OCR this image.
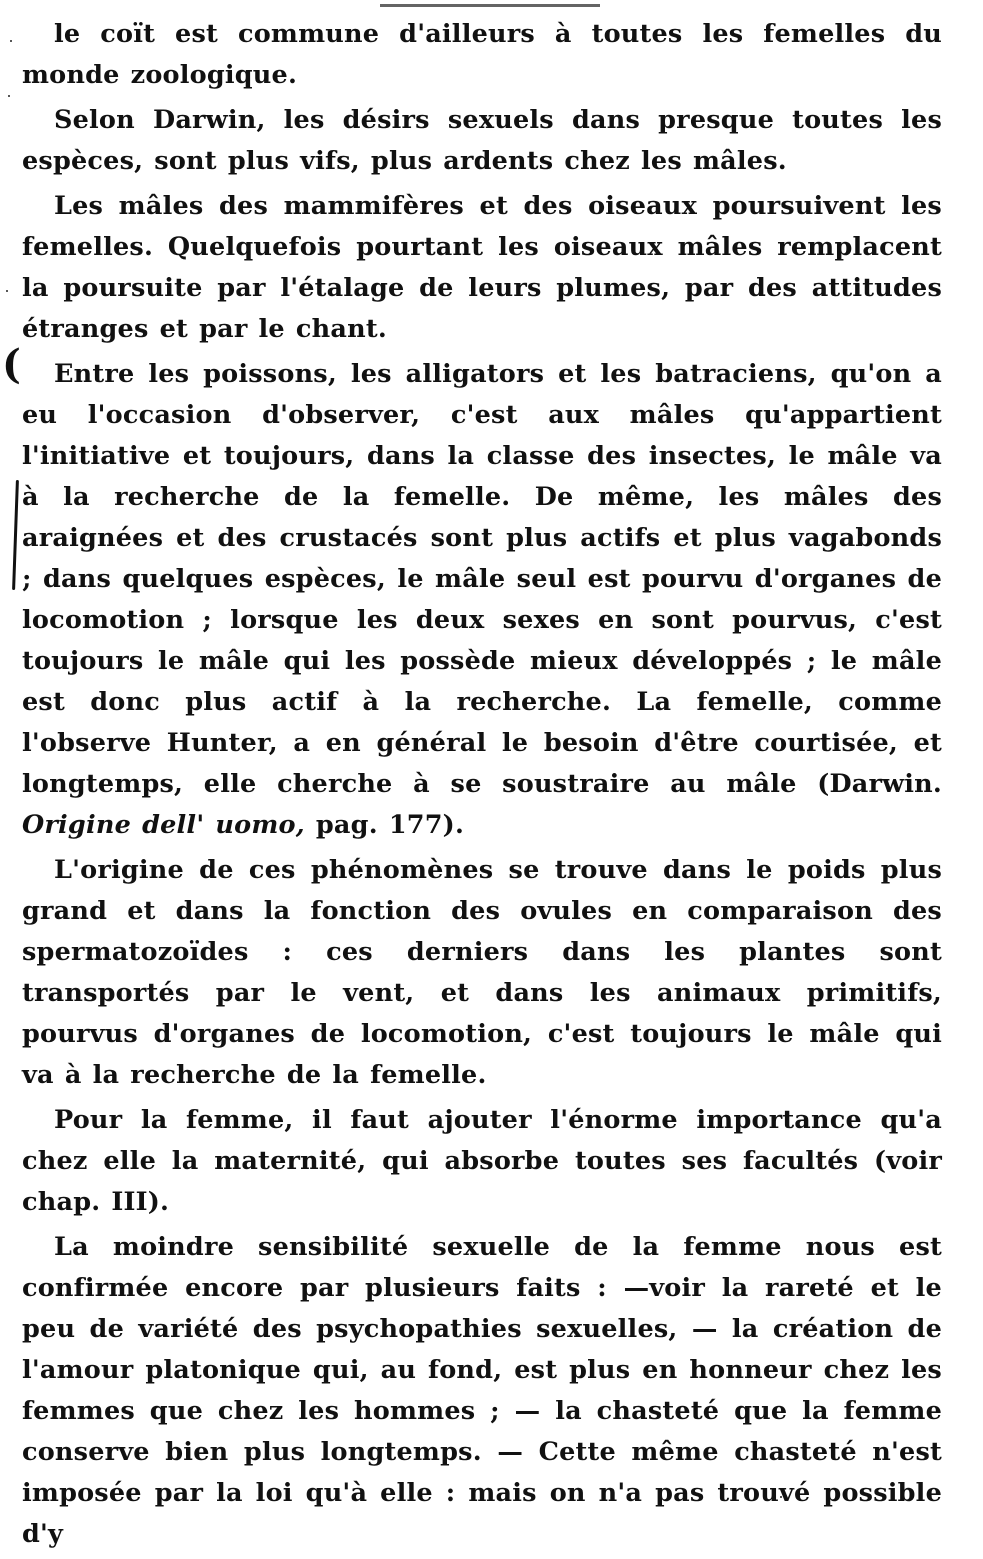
(

le coït est commune d'ailleurs à toutes les femelles du monde zoologique.

Selon Darwin, les désirs sexuels dans presque toutes les espèces, sont plus vifs, plus ardents chez les mâles.

Les mâles des mammifères et des oiseaux poursuivent les femelles. Quelquefois pourtant les oiseaux mâles remplacent la poursuite par l'étalage de leurs plumes, par des attitudes étranges et par le chant.

Entre les poissons, les alligators et les batraciens, qu'on a eu l'occasion d'observer, c'est aux mâles qu'appartient l'initiative et toujours, dans la classe des insectes, le mâle va à la recherche de la femelle. De même, les mâles des araignées et des crustacés sont plus actifs et plus vagabonds ; dans quelques espèces, le mâle seul est pourvu d'organes de locomotion ; lorsque les deux sexes en sont pourvus, c'est toujours le mâle qui les possède mieux développés ; le mâle est donc plus actif à la recherche. La femelle, comme l'observe Hunter, a en général le besoin d'être courtisée, et longtemps, elle cherche à se soustraire au mâle (Darwin. Origine dell' uomo, pag. 177).

L'origine de ces phénomènes se trouve dans le poids plus grand et dans la fonction des ovules en comparaison des spermatozoïdes : ces derniers dans les plantes sont transportés par le vent, et dans les animaux primitifs, pourvus d'organes de locomotion, c'est toujours le mâle qui va à la recherche de la femelle.

Pour la femme, il faut ajouter l'énorme importance qu'a chez elle la maternité, qui absorbe toutes ses facultés (voir chap. III).

La moindre sensibilité sexuelle de la femme nous est confirmée encore par plusieurs faits : —voir la rareté et le peu de variété des psychopathies sexuelles, — la création de l'amour platonique qui, au fond, est plus en honneur chez les femmes que chez les hommes ; — la chasteté que la femme conserve bien plus longtemps. — Cette même chasteté n'est imposée par la loi qu'à elle : mais on n'a pas trouvé possible d'y
